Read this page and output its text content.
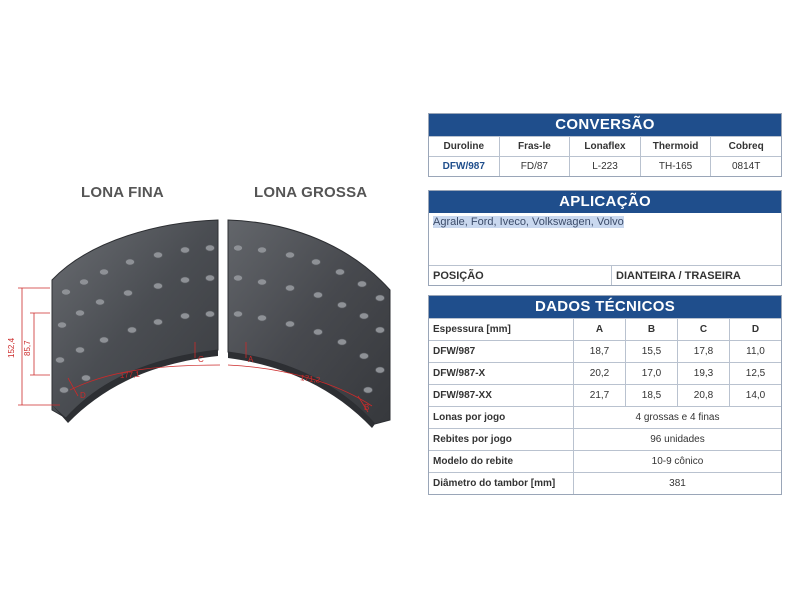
LONA FINA	LONA GROSSA
152,4 85,7
177,1	171,2
A
B
C
D
CONVERSÃO
Duroline	Fras-le	Lonaflex	Thermoid	Cobreq
DFW/987	FD/87	L-223	TH-165	0814T
APLICAÇÃO
Agrale, Ford, Iveco, Volkswagen, Volvo
POSIÇÃO	DIANTEIRA / TRASEIRA
DADOS TÉCNICOS
Espessura [mm]	A	B	C	D
DFW/987	18,7	15,5	17,8	11,0
DFW/987-X	20,2	17,0	19,3	12,5
DFW/987-XX	21,7	18,5	20,8	14,0
Lonas por jogo	4 grossas e 4 finas
Rebites por jogo	96 unidades
Modelo do rebite	10-9 cônico
Diâmetro do tambor [mm]	381
